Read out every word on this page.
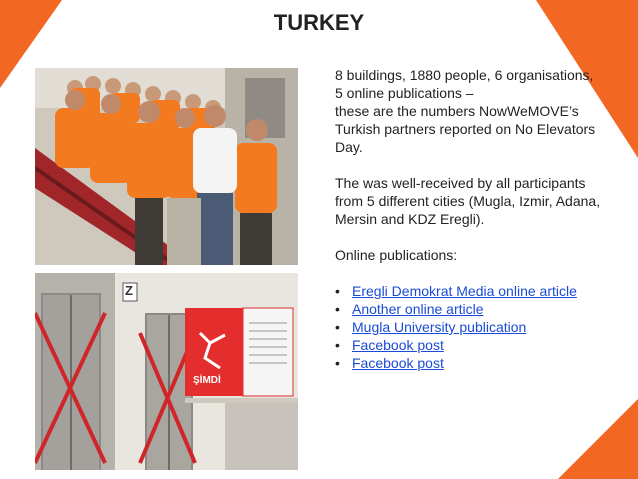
TURKEY
Z
ŞİMDİ

8 buildings, 1880 people, 6 organisations,

5 online publications –

these are the numbers NowWeMOVE’s

Turkish partners reported on No Elevators

Day.

The was well-received by all participants

from 5 different cities (Mugla, Izmir, Adana,

Mersin and KDZ Eregli).

Online publications:

• Eregli Demokrat Media online article
• Another online article
• Mugla University publication
• Facebook post
• Facebook post
